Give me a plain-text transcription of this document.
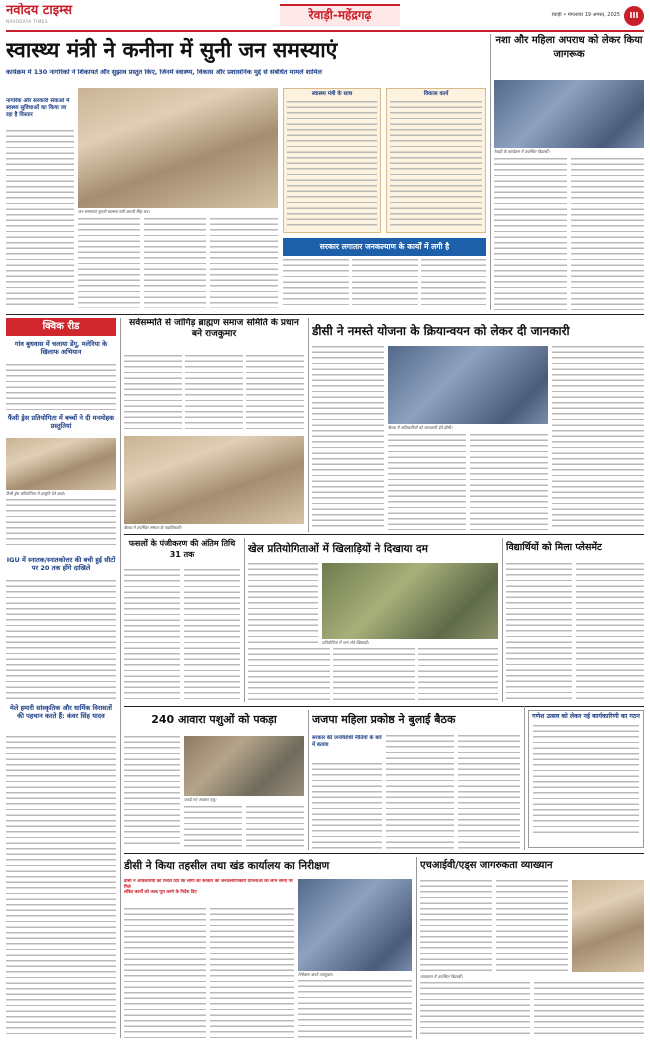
नवोदय टाइम्स
NAVODAYA TIMES	रेवाड़ी-महेंद्रगढ़	रेवाड़ी • मंगलवार 19 अगस्त, 2025	III
स्वास्थ्य मंत्री ने कनीना में सुनी जन समस्याएं
कार्यक्रम में 130 नागरिकों ने शिकायतें और सुझाव प्रस्तुत किए, जिनमें स्वास्थ्य, विकास और प्रशासनिक मुद्दे से संबंधित मामले शामिल
नागरिक और सरकारी सेवाओं में स्वस्थ्य सुविधाओं का किया जा रहा है विस्तार
जन समस्याएं सुनती स्वास्थ्य मंत्री आरती सिंह राव।
स्वास्थ्य मंत्री के साथ	विकास कार्य
सरकार लगातार जनकल्याण के कार्यों में लगी है
नशा और महिला अपराध को लेकर किया जागरूक
रेवाड़ी के कार्यक्रम में उपस्थित विद्यार्थी।
क्विक रीड
गांव बुधवास में चलाया डेंगू, मलेरिया के खिलाफ अभियान
फैंसी ड्रेस प्रतियोगिता में बच्चों ने दी मनमोहक प्रस्तुतियां
फैंसी ड्रेस प्रतियोगिता में प्रस्तुति देते बच्चे।
IGU में स्नातक/स्नातकोत्तर की बची हुई सीटों पर 20 तक होंगे दाखिले
मेले हमारी सांस्कृतिक और धार्मिक विरासतों की पहचान करते हैं: कंवर सिंह यादव
सर्वसम्मति से जांगिड़ ब्राह्मण समाज समिति के प्रधान बने राजकुमार
बैठक में उपस्थित समाज के पदाधिकारी।
डीसी ने नमस्ते योजना के क्रियान्वयन को लेकर दी जानकारी
बैठक में अधिकारियों को जानकारी देते डीसी।
फसलों के पंजीकरण की अंतिम तिथि 31 तक	खेल प्रतियोगिताओं में खिलाड़ियों ने दिखाया दम
प्रतियोगिता में भाग लेते खिलाड़ी।
विद्यार्थियों को मिला प्लेसमेंट
240 आवारा पशुओं को पकड़ा
पकड़े गए आवारा पशु।
जजपा महिला प्रकोष्ठ ने बुलाई बैठक
सरकार की जनविरोधी नीतियों के बारे में बताया
गणेश उत्सव को लेकर नई कार्यकारिणी का गठन
डीसी ने किया तहसील तथा खंड कार्यालय का निरीक्षण
डीसी ने अधिकारियों को निर्देश दिए कि लोगों को सरकार की जनकल्याणकारी योजनाओं का लाभ समय पर मिले
लंबित कार्यों को जल्द पूरा करने के निर्देश दिए
निरीक्षण करते उपायुक्त।
एचआईवी/एड्स जागरुकता व्याख्यान
व्याख्यान में उपस्थित विद्यार्थी।
